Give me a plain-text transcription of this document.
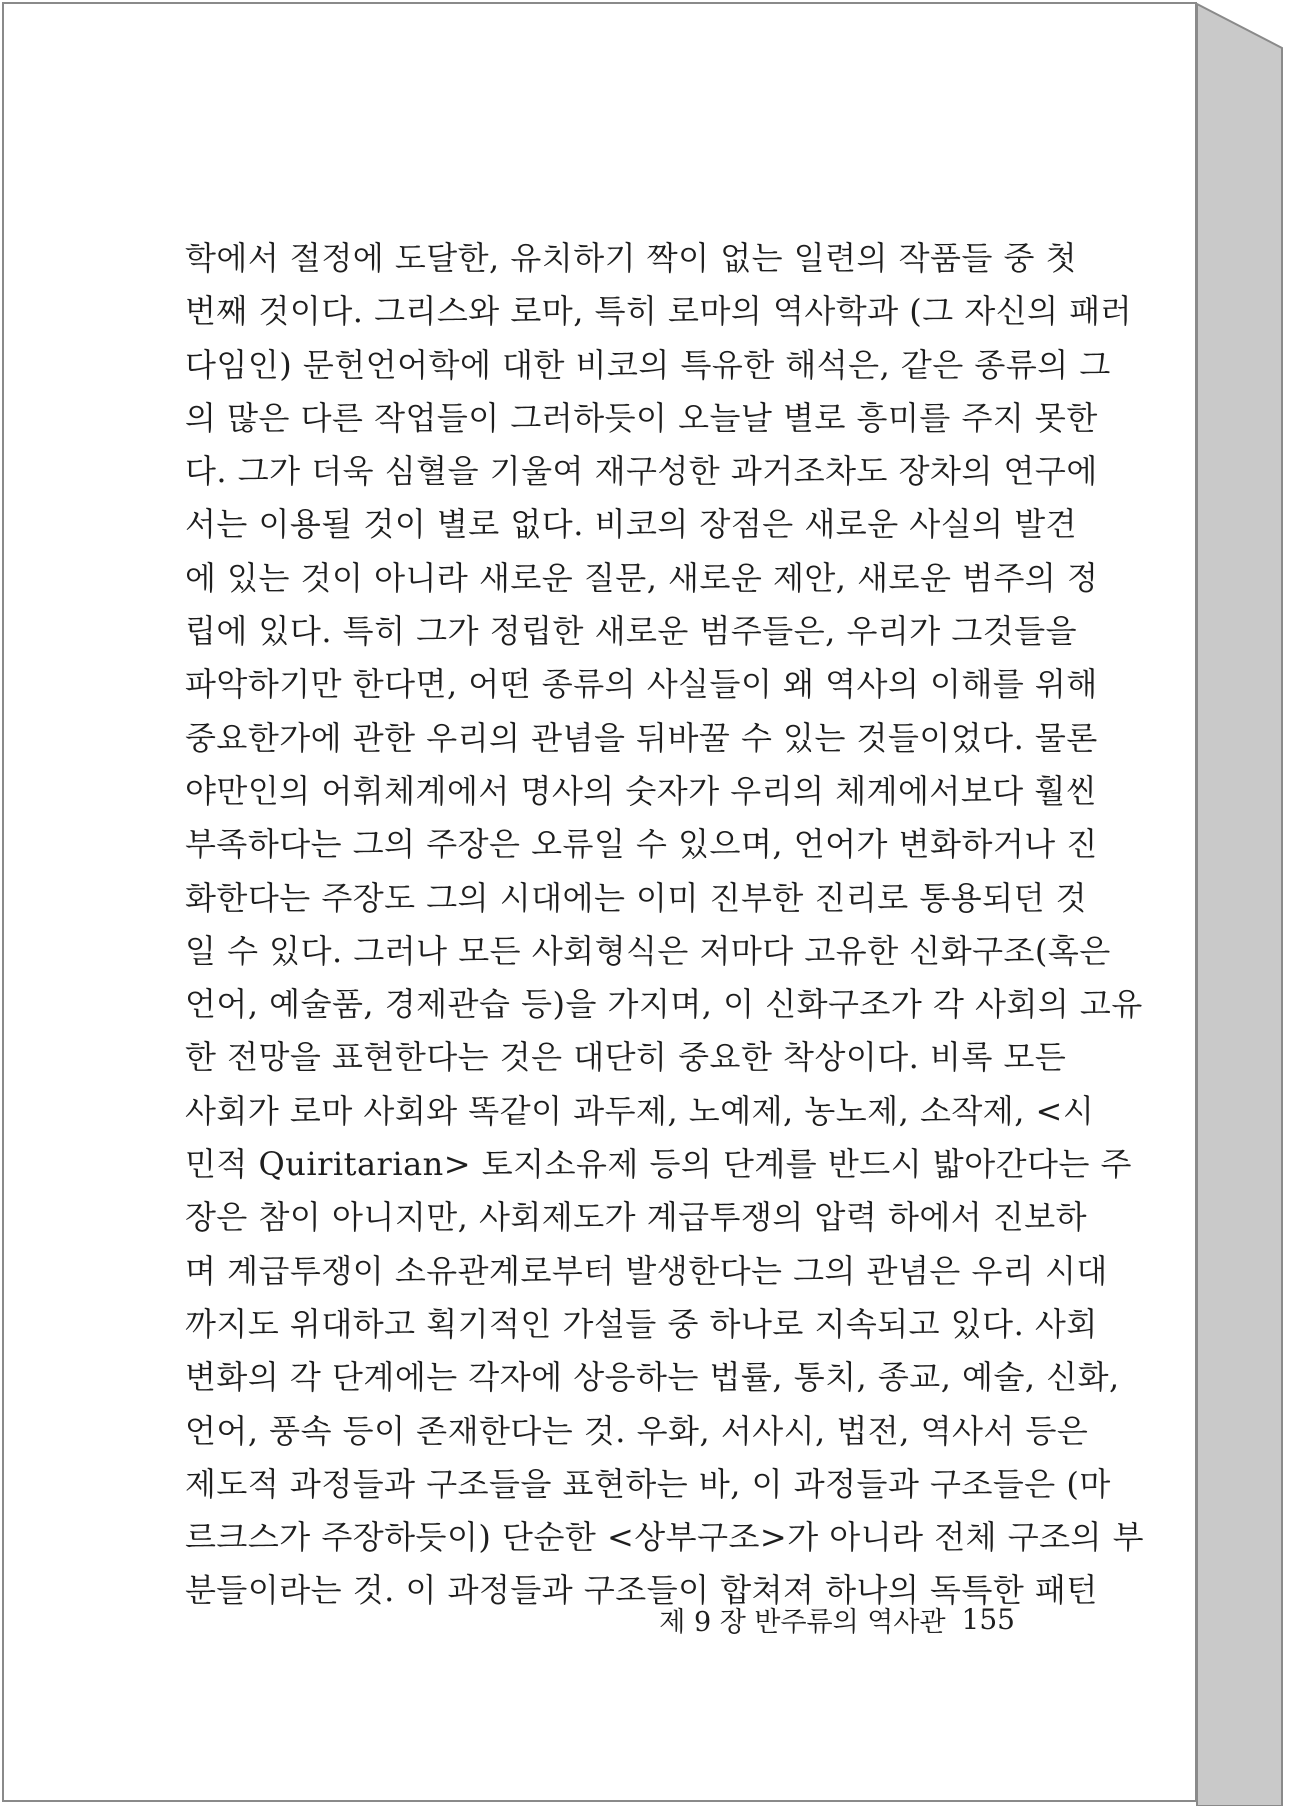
학에서 절정에 도달한, 유치하기 짝이 없는 일련의 작품들 중 첫
번째 것이다. 그리스와 로마, 특히 로마의 역사학과 (그 자신의 패러
다임인) 문헌언어학에 대한 비코의 특유한 해석은, 같은 종류의 그
의 많은 다른 작업들이 그러하듯이 오늘날 별로 흥미를 주지 못한
다. 그가 더욱 심혈을 기울여 재구성한 과거조차도 장차의 연구에
서는 이용될 것이 별로 없다. 비코의 장점은 새로운 사실의 발견
에 있는 것이 아니라 새로운 질문, 새로운 제안, 새로운 범주의 정
립에 있다. 특히 그가 정립한 새로운 범주들은, 우리가 그것들을
파악하기만 한다면, 어떤 종류의 사실들이 왜 역사의 이해를 위해
중요한가에 관한 우리의 관념을 뒤바꿀 수 있는 것들이었다. 물론
야만인의 어휘체계에서 명사의 숫자가 우리의 체계에서보다 훨씬
부족하다는 그의 주장은 오류일 수 있으며, 언어가 변화하거나 진
화한다는 주장도 그의 시대에는 이미 진부한 진리로 통용되던 것
일 수 있다. 그러나 모든 사회형식은 저마다 고유한 신화구조(혹은
언어, 예술품, 경제관습 등)을 가지며, 이 신화구조가 각 사회의 고유
한 전망을 표현한다는 것은 대단히 중요한 착상이다. 비록 모든
사회가 로마 사회와 똑같이 과두제, 노예제, 농노제, 소작제, <시
민적 Quiritarian> 토지소유제 등의 단계를 반드시 밟아간다는 주
장은 참이 아니지만, 사회제도가 계급투쟁의 압력 하에서 진보하
며 계급투쟁이 소유관계로부터 발생한다는 그의 관념은 우리 시대
까지도 위대하고 획기적인 가설들 중 하나로 지속되고 있다. 사회
변화의 각 단계에는 각자에 상응하는 법률, 통치, 종교, 예술, 신화,
언어, 풍속 등이 존재한다는 것. 우화, 서사시, 법전, 역사서 등은
제도적 과정들과 구조들을 표현하는 바, 이 과정들과 구조들은 (마
르크스가 주장하듯이) 단순한 <상부구조>가 아니라 전체 구조의 부
분들이라는 것. 이 과정들과 구조들이 합쳐져 하나의 독특한 패턴
제 9 장 반주류의 역사관 155
